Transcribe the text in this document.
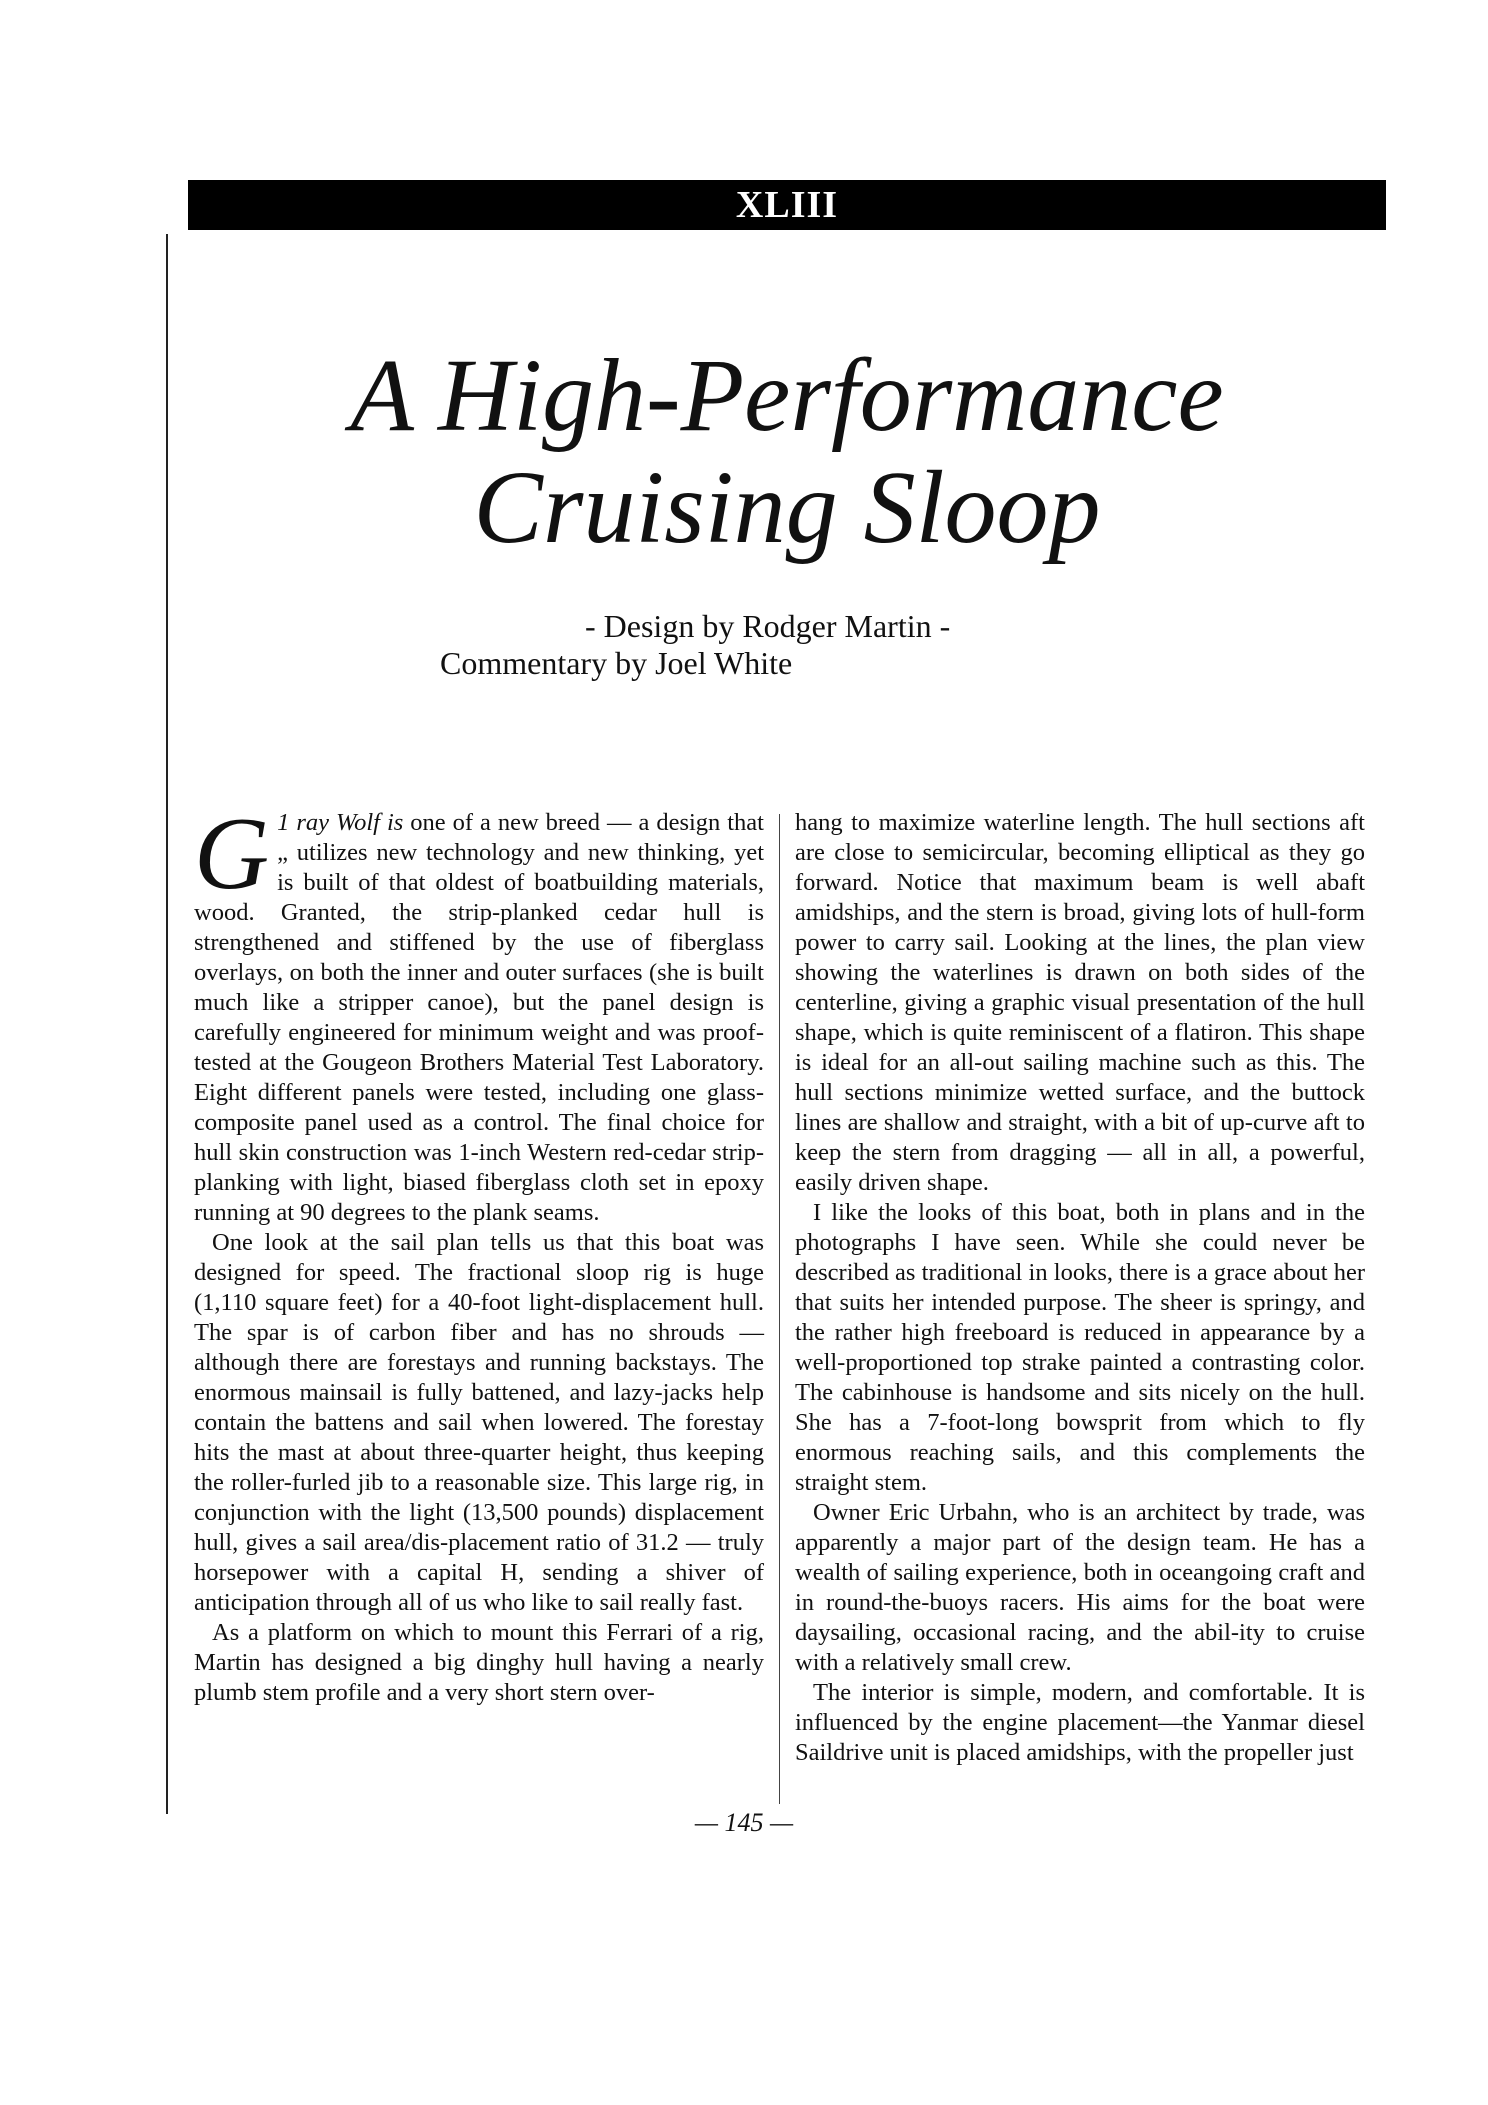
XLIII
A High-Performance
Cruising Sloop
- Design by Rodger Martin -
Commentary by Joel White

G 1 ray Wolf is one of a new breed — a design that „ utilizes new technology and new thinking, yet is built of that oldest of boatbuilding materials, wood. Granted, the strip-planked cedar hull is strengthened and stiffened by the use of fiberglass overlays, on both the inner and outer surfaces (she is built much like a stripper canoe), but the panel design is carefully engineered for minimum weight and was proof-tested at the Gougeon Brothers Material Test Laboratory. Eight different panels were tested, including one glass-composite panel used as a control. The final choice for hull skin construction was 1-inch Western red-cedar strip-planking with light, biased fiberglass cloth set in epoxy running at 90 degrees to the plank seams.

One look at the sail plan tells us that this boat was designed for speed. The fractional sloop rig is huge (1,110 square feet) for a 40-foot light-displacement hull. The spar is of carbon fiber and has no shrouds — although there are forestays and running backstays. The enormous mainsail is fully battened, and lazy-jacks help contain the battens and sail when lowered. The forestay hits the mast at about three-quarter height, thus keeping the roller-furled jib to a reasonable size. This large rig, in conjunction with the light (13,500 pounds) displacement hull, gives a sail area/dis-placement ratio of 31.2 — truly horsepower with a capital H, sending a shiver of anticipation through all of us who like to sail really fast.

As a platform on which to mount this Ferrari of a rig, Martin has designed a big dinghy hull having a nearly plumb stem profile and a very short stern over-

hang to maximize waterline length. The hull sections aft are close to semicircular, becoming elliptical as they go forward. Notice that maximum beam is well abaft amidships, and the stern is broad, giving lots of hull-form power to carry sail. Looking at the lines, the plan view showing the waterlines is drawn on both sides of the centerline, giving a graphic visual presentation of the hull shape, which is quite reminiscent of a flatiron. This shape is ideal for an all-out sailing machine such as this. The hull sections minimize wetted surface, and the buttock lines are shallow and straight, with a bit of up-curve aft to keep the stern from dragging — all in all, a powerful, easily driven shape.

I like the looks of this boat, both in plans and in the photographs I have seen. While she could never be described as traditional in looks, there is a grace about her that suits her intended purpose. The sheer is springy, and the rather high freeboard is reduced in appearance by a well-proportioned top strake painted a contrasting color. The cabinhouse is handsome and sits nicely on the hull. She has a 7-foot-long bowsprit from which to fly enormous reaching sails, and this complements the straight stem.

Owner Eric Urbahn, who is an architect by trade, was apparently a major part of the design team. He has a wealth of sailing experience, both in oceangoing craft and in round-the-buoys racers. His aims for the boat were daysailing, occasional racing, and the abil-ity to cruise with a relatively small crew.

The interior is simple, modern, and comfortable. It is influenced by the engine placement—the Yanmar diesel Saildrive unit is placed amidships, with the propeller just

— 145 —
